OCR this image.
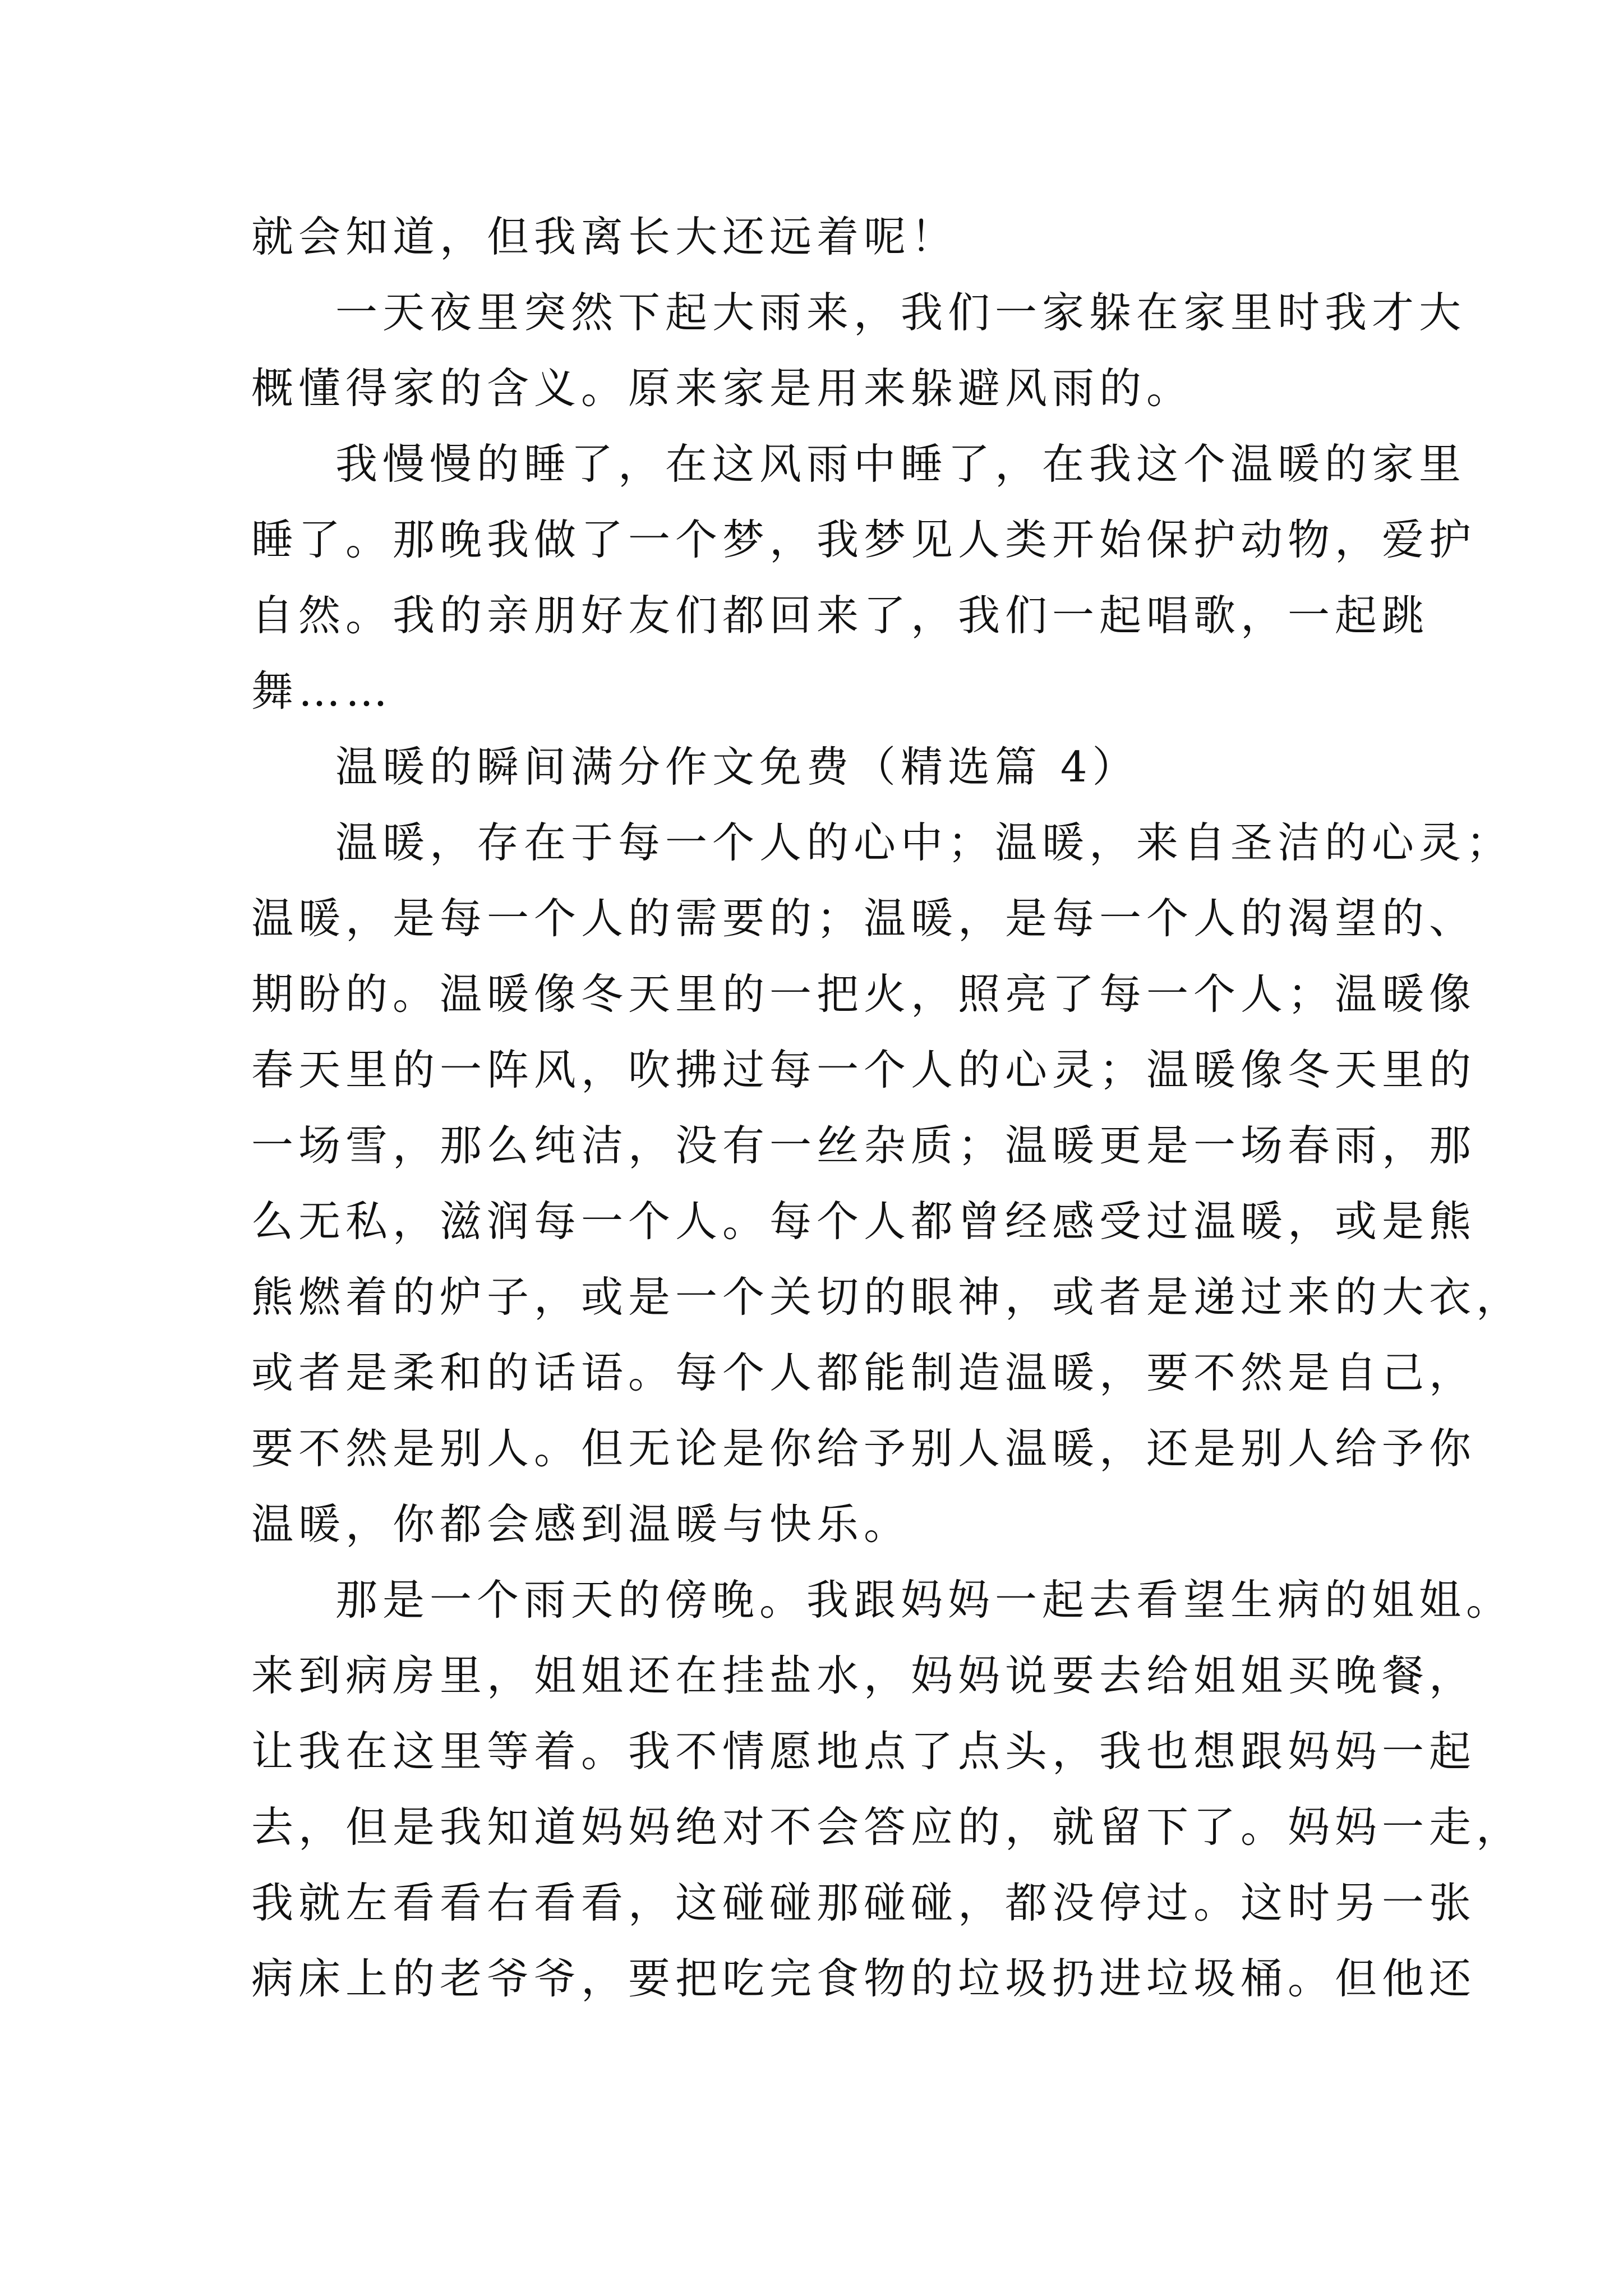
就会知道，但我离长大还远着呢！
一天夜里突然下起大雨来，我们一家躲在家里时我才大
概懂得家的含义。原来家是用来躲避风雨的。
我慢慢的睡了，在这风雨中睡了，在我这个温暖的家里
睡了。那晚我做了一个梦，我梦见人类开始保护动物，爱护
自然。我的亲朋好友们都回来了，我们一起唱歌，一起跳
舞……
温暖的瞬间满分作文免费（精选篇 4）
温暖，存在于每一个人的心中；温暖，来自圣洁的心灵；
温暖，是每一个人的需要的；温暖，是每一个人的渴望的、
期盼的。温暖像冬天里的一把火，照亮了每一个人；温暖像
春天里的一阵风，吹拂过每一个人的心灵；温暖像冬天里的
一场雪，那么纯洁，没有一丝杂质；温暖更是一场春雨，那
么无私，滋润每一个人。每个人都曾经感受过温暖，或是熊
熊燃着的炉子，或是一个关切的眼神，或者是递过来的大衣，
或者是柔和的话语。每个人都能制造温暖，要不然是自己，
要不然是别人。但无论是你给予别人温暖，还是别人给予你
温暖，你都会感到温暖与快乐。
那是一个雨天的傍晚。我跟妈妈一起去看望生病的姐姐。
来到病房里，姐姐还在挂盐水，妈妈说要去给姐姐买晚餐，
让我在这里等着。我不情愿地点了点头，我也想跟妈妈一起
去，但是我知道妈妈绝对不会答应的，就留下了。妈妈一走，
我就左看看右看看，这碰碰那碰碰，都没停过。这时另一张
病床上的老爷爷，要把吃完食物的垃圾扔进垃圾桶。但他还
